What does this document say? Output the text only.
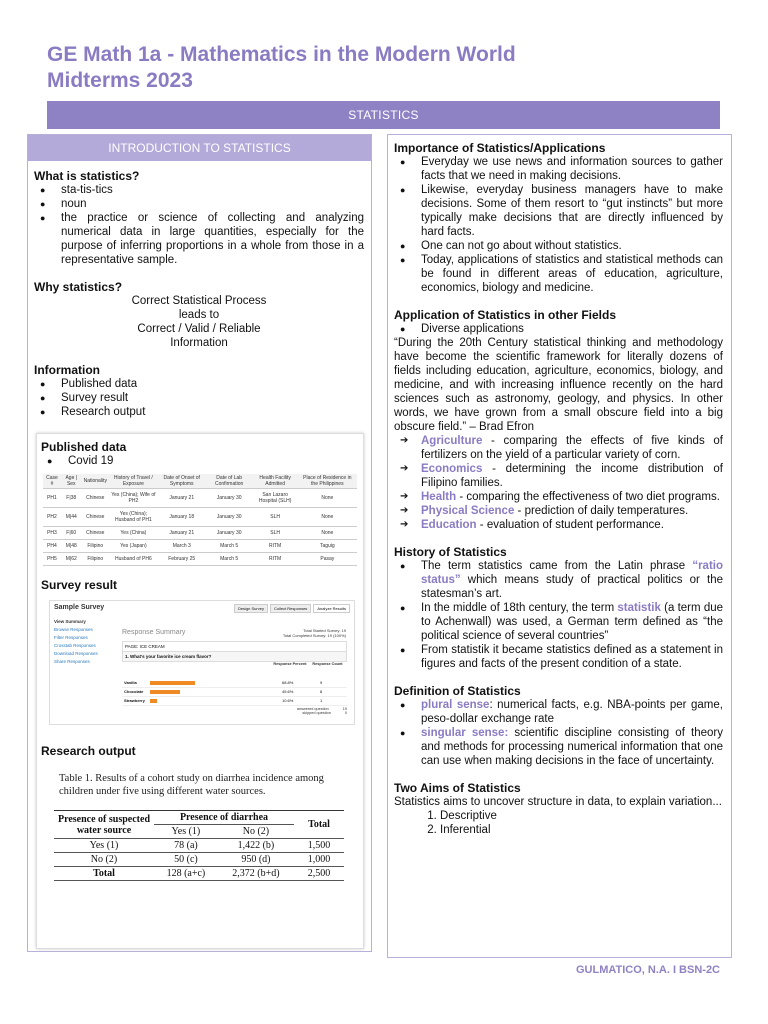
GE Math 1a - Mathematics in the Modern World
Midterms 2023
STATISTICS
INTRODUCTION TO STATISTICS
What is statistics?
● sta-tis-tics
● noun
● the practice or science of collecting and analyzing numerical data in large quantities, especially for the purpose of inferring proportions in a whole from those in a representative sample.
Why statistics?
Correct Statistical Process
leads to
Correct / Valid / Reliable
Information
Information
● Published data
● Survey result
● Research output
Published data
● Covid 19
Case #	Age | Sex	Nationality	History of Travel / Exposure	Date of Onset of Symptoms	Date of Lab Confirmation	Health Facility Admitted	Place of Residence in the Philippines
PH1	F|38	Chinese	Yes (China); Wife of PH2	January 21	January 30	San Lazaro Hospital (SLH)	None
PH2	M|44	Chinese	Yes (China); Husband of PH1	January 18	January 30	SLH	None
PH3	F|60	Chinese	Yes (China)	January 21	January 30	SLH	None
PH4	M|48	Filipino	Yes (Japan)	March 3	March 5	RITM	Taguig
PH5	M|62	Filipino	Husband of PH6	February 25	March 5	RITM	Pasay
Survey result
Sample Survey	Design Survey	Collect Responses	Analyze Results
View Summary
Browse Responses
Filter Responses
Crosstab Responses
Download Responses
Share Responses
Response Summary	Total Started Survey: 19
Total Completed Survey: 19 (100%)
PAGE: ICE CREAM
1. What's your favorite ice cream flavor?
Response Percent	Response Count
Vanilla	68.8%	9
Chocolate	45.6%	8
Strawberry	10.6%	1
answered question	19
skipped question	0
Research output
Table 1. Results of a cohort study on diarrhea incidence among children under five using different water sources.
Presence of suspected water source	Presence of diarrhea		Total
	Yes (1)	No (2)	
Yes (1)	78 (a)	1,422 (b)	1,500
No (2)	50 (c)	950 (d)	1,000
Total	128 (a+c)	2,372 (b+d)	2,500
Importance of Statistics/Applications
● Everyday we use news and information sources to gather facts that we need in making decisions.
● Likewise, everyday business managers have to make decisions. Some of them resort to “gut instincts” but more typically make decisions that are directly influenced by hard facts.
● One can not go about without statistics.
● Today, applications of statistics and statistical methods can be found in different areas of education, agriculture, economics, biology and medicine.
Application of Statistics in other Fields
● Diverse applications
“During the 20th Century statistical thinking and methodology have become the scientific framework for literally dozens of fields including education, agriculture, economics, biology, and medicine, and with increasing influence recently on the hard sciences such as astronomy, geology, and physics. In other words, we have grown from a small obscure field into a big obscure field.” – Brad Efron
➔ Agriculture - comparing the effects of five kinds of fertilizers on the yield of a particular variety of corn.
➔ Economics - determining the income distribution of Filipino families.
➔ Health - comparing the effectiveness of two diet programs.
➔ Physical Science - prediction of daily temperatures.
➔ Education - evaluation of student performance.
History of Statistics
● The term statistics came from the Latin phrase “ratio status” which means study of practical politics or the statesman’s art.
● In the middle of 18th century, the term statistik (a term due to Achenwall) was used, a German term defined as “the political science of several countries”
● From statistik it became statistics defined as a statement in figures and facts of the present condition of a state.
Definition of Statistics
● plural sense: numerical facts, e.g. NBA-points per game, peso-dollar exchange rate
● singular sense: scientific discipline consisting of theory and methods for processing numerical information that one can use when making decisions in the face of uncertainty.
Two Aims of Statistics
Statistics aims to uncover structure in data, to explain variation...
1. Descriptive
2. Inferential
GULMATICO, N.A. I BSN-2C
